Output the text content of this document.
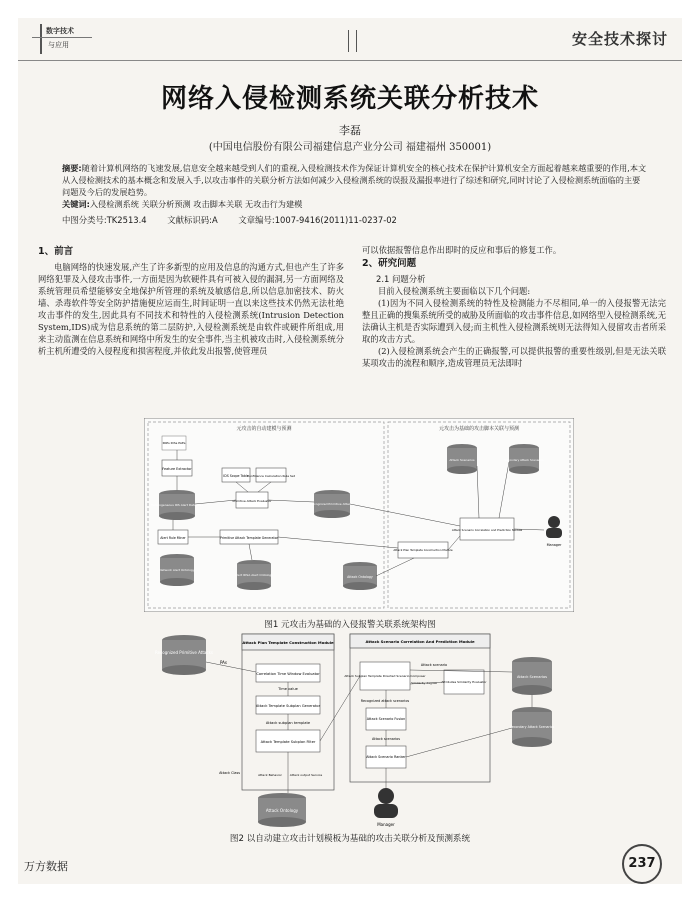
数字技术
与应用	安全技术探讨
网络入侵检测系统关联分析技术
李磊
(中国电信股份有限公司福建信息产业分公司 福建福州 350001)
摘要:随着计算机网络的飞速发展,信息安全越来越受到人们的重视,入侵检测技术作为保证计算机安全的核心技术在保护计算机安全方面起着越来越重要的作用,本文从入侵检测技术的基本概念和发展入手,以攻击事件的关联分析方法如何减少入侵检测系统的误报及漏报率进行了综述和研究,同时讨论了入侵检测系统面临的主要问题及今后的发展趋势。
关键词:入侵检测系统 关联分析预测 攻击脚本关联 无攻击行为建模
中图分类号:TK2513.4 文献标识码:A 文章编号:1007-9416(2011)11-0237-02
1、前言
电脑网络的快速发展,产生了许多新型的应用及信息的沟通方式,但也产生了许多网络犯罪及入侵攻击事件,一方面是因为软硬件具有可被入侵的漏洞,另一方面网络及系统管理员希望能够安全地保护所管理的系统及敏感信息,所以信息加密技术、防火墙、杀毒软件等安全防护措施便应运而生,时间证明一直以来这些技术仍然无法杜绝攻击事件的发生,因此具有不同技术和特性的入侵检测系统(Intrusion Detection System,IDS)成为信息系统的第二层防护,入侵检测系统是由软件或硬件所组成,用来主动监测在信息系统和网络中所发生的安全事件,当主机被攻击时,入侵检测系统分析主机所遭受的入侵程度和损害程度,并依此发出报警,使管理员
可以依据报警信息作出即时的反应和事后的修复工作。
2、研究问题
2.1 问题分析
目前入侵检测系统主要面临以下几个问题:
(1)因为不同入侵检测系统的特性及检测能力不尽相同,单一的入侵报警无法完整且正确的搜集系统所受的威胁及所面临的攻击事件信息,如网络型入侵检测系统,无法确认主机是否实际遭到入侵;而主机性入侵检测系统则无法得知入侵留攻击者所采取的攻击方式。
(2)入侵检测系统会产生的正确报警,可以提供报警的重要性级别,但是无法关联某项攻击的流程和顺序,造成管理员无法即时
元攻击的自动建模与预测	元攻击为基础的攻击脚本关联与预测
PAEs IDSs PAEs
Feature Extractor
IDS Scope Table
Confidence Calculation Rule Set
Heterogeneous IDS Alert Database
Primitive Attack Evaluator
Recognized Primitive Attacks
Alert Rule Miner	Primitive Attack Template Generator
Network Alert Ontology
Alert IDSA Alert Ontology	Attack Ontology
Attack Plan Template Construction Module
Attack Scenario Correlation and Prediction Module
Attack Scenarios	Secondary Attack Scenarios
Manager
图1 元攻击为基础的入侵报警关联系统架构图
Recognized Primitive Attacks
PAs
Attack Plan Template Construction Module
Correlation Time Window Evaluator
Time value
Attack Template Subplan Generator
Attack subplan template
Attack Template Subplan Filter
Attack Class	Attack Behavior	Attack output Service
Attack Ontology
Attack Scenario Correlation And Prediction Module
Attack Subplan Template Directed Scenario Composer
Attack scenario
Similarity degree Attributes Similarity Evaluator
Recognized attack scenarios
Attack Scenario Fusion
Attack scenarios
Attack Scenario Ranker
Attack Scenarios
Secondary Attack Scenarios
Manager
图2 以自动建立攻击计划模板为基础的攻击关联分析及预测系统
万方数据	237
